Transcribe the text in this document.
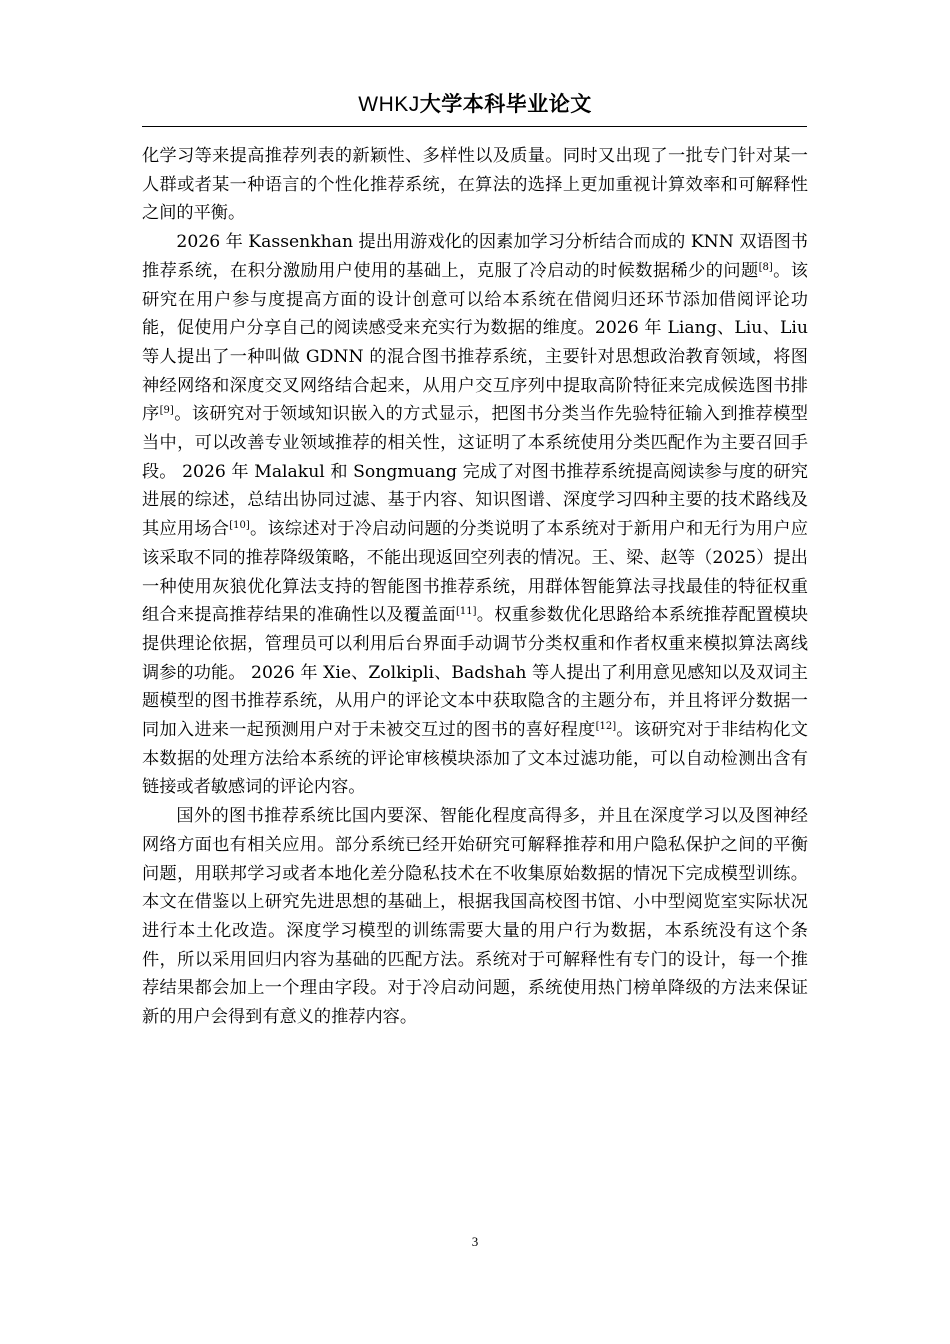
WHKJ大学本科毕业论文

化学习等来提高推荐列表的新颖性、多样性以及质量。同时又出现了一批专门针对某一人群或者某一种语言的个性化推荐系统，在算法的选择上更加重视计算效率和可解释性之间的平衡。

2026 年 Kassenkhan 提出用游戏化的因素加学习分析结合而成的 KNN 双语图书推荐系统，在积分激励用户使用的基础上，克服了冷启动的时候数据稀少的问题[8]。该研究在用户参与度提高方面的设计创意可以给本系统在借阅归还环节添加借阅评论功能，促使用户分享自己的阅读感受来充实行为数据的维度。2026 年 Liang、Liu、Liu 等人提出了一种叫做 GDNN 的混合图书推荐系统，主要针对思想政治教育领域，将图神经网络和深度交叉网络结合起来，从用户交互序列中提取高阶特征来完成候选图书排序[9]。该研究对于领域知识嵌入的方式显示，把图书分类当作先验特征输入到推荐模型当中，可以改善专业领域推荐的相关性，这证明了本系统使用分类匹配作为主要召回手段。 2026 年 Malakul 和 Songmuang 完成了对图书推荐系统提高阅读参与度的研究进展的综述，总结出协同过滤、基于内容、知识图谱、深度学习四种主要的技术路线及其应用场合[10]。该综述对于冷启动问题的分类说明了本系统对于新用户和无行为用户应该采取不同的推荐降级策略，不能出现返回空列表的情况。王、梁、赵等（2025）提出一种使用灰狼优化算法支持的智能图书推荐系统，用群体智能算法寻找最佳的特征权重组合来提高推荐结果的准确性以及覆盖面[11]。权重参数优化思路给本系统推荐配置模块提供理论依据，管理员可以利用后台界面手动调节分类权重和作者权重来模拟算法离线调参的功能。 2026 年 Xie、Zolkipli、Badshah 等人提出了利用意见感知以及双词主题模型的图书推荐系统，从用户的评论文本中获取隐含的主题分布，并且将评分数据一同加入进来一起预测用户对于未被交互过的图书的喜好程度[12]。该研究对于非结构化文本数据的处理方法给本系统的评论审核模块添加了文本过滤功能，可以自动检测出含有链接或者敏感词的评论内容。

国外的图书推荐系统比国内要深、智能化程度高得多，并且在深度学习以及图神经网络方面也有相关应用。部分系统已经开始研究可解释推荐和用户隐私保护之间的平衡问题，用联邦学习或者本地化差分隐私技术在不收集原始数据的情况下完成模型训练。本文在借鉴以上研究先进思想的基础上，根据我国高校图书馆、小中型阅览室实际状况进行本土化改造。深度学习模型的训练需要大量的用户行为数据，本系统没有这个条件，所以采用回归内容为基础的匹配方法。系统对于可解释性有专门的设计，每一个推荐结果都会加上一个理由字段。对于冷启动问题，系统使用热门榜单降级的方法来保证新的用户会得到有意义的推荐内容。

3
